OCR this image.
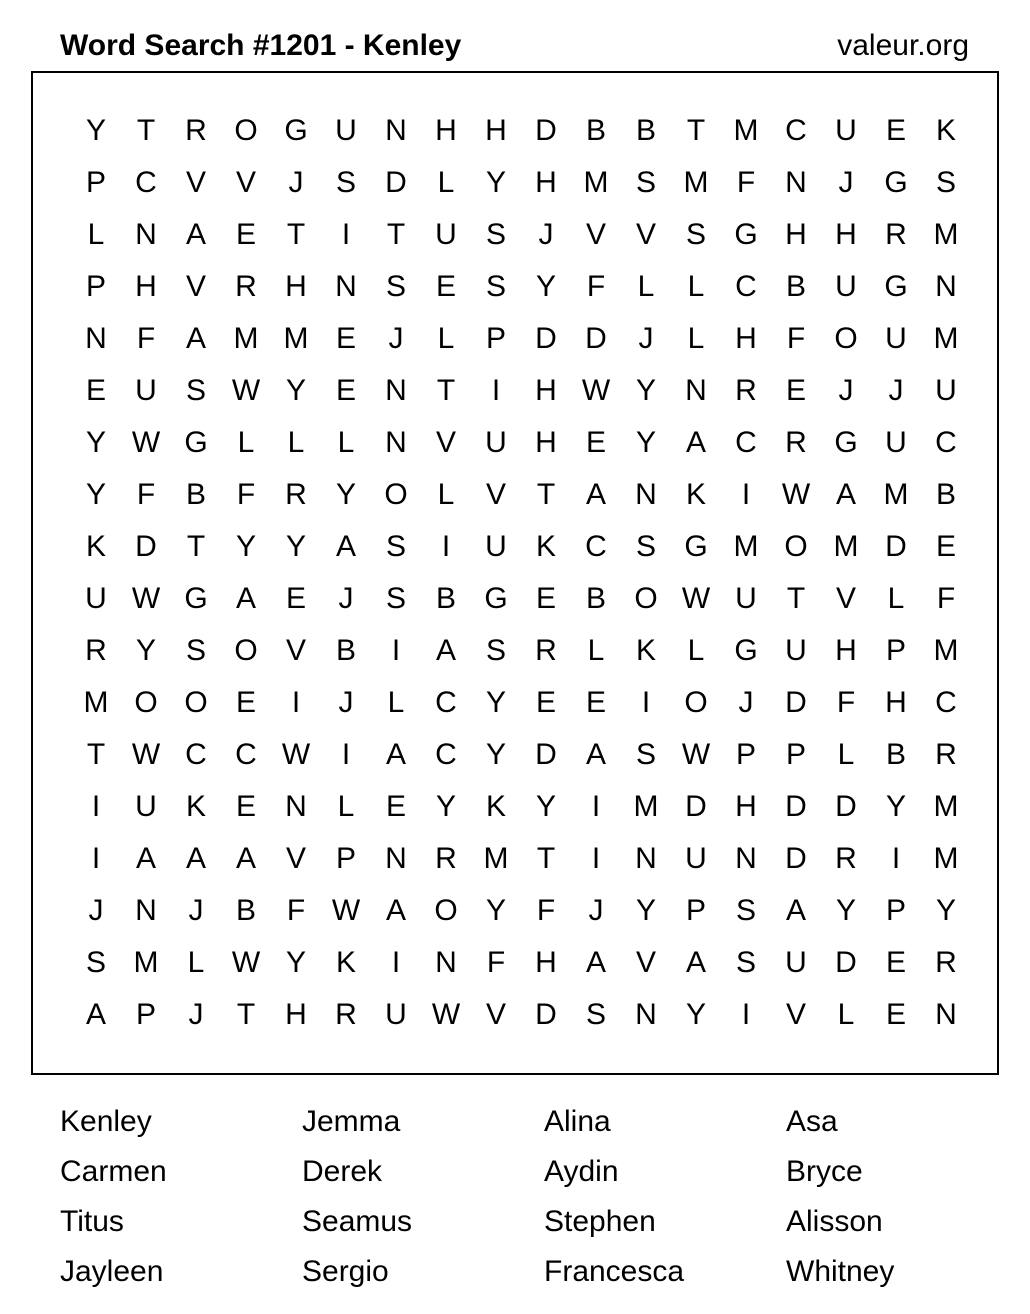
Word Search #1201 - Kenley	valeur.org
Y	T	R O G U N H H D B B	T M C U E K
P C V V	J	S D	L	Y H M S M F	N	J	G S
L	N A E	T	I	T	U S	J	V V S G H H R M
P H V R H N S E S Y	F	L	L	C B U G N
N	F	A M M E	J	L	P D D	J	L	H	F O U M
E U S W Y E N	T	I	H W Y N R E	J	J	U
Y W G L	L	L	N V U H E Y A C R G U C
Y	F	B	F	R Y O L	V	T	A N K	I	W A M B
K D	T	Y Y A S	I	U K C S G M O M D E
U W G A E	J	S B G E B O W U	T	V	L	F
R Y S O V B	I	A S R	L	K	L G U H P M
M O O E	I	J	L	C Y E E	I	O	J	D	F	H C
T W C C W	I	A C Y D A S W P P	L	B R
I	U K E N	L	E Y K Y	I	M D H D D Y M
I	A A A V P N R M T	I	N U N D R	I	M
J	N	J	B	F W A O Y	F	J	Y P S A Y P Y
S M L W Y K	I	N	F	H A V A S U D E R
A P	J	T	H R U W V D S N Y	I	V	L	E N
Kenley	Jemma	Alina	Asa
Carmen	Derek	Aydin	Bryce
Titus	Seamus	Stephen	Alisson
Jayleen	Sergio	Francesca	Whitney
